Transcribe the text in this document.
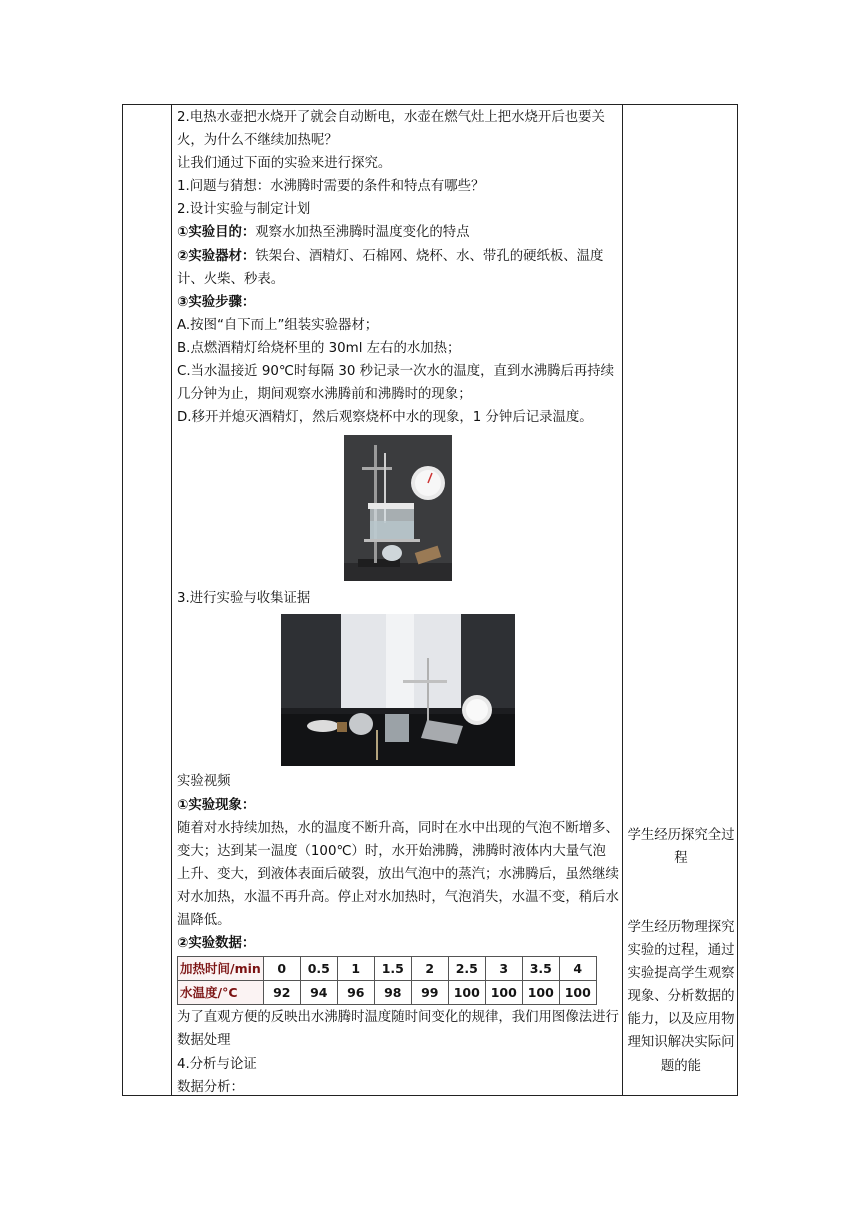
2.电热水壶把水烧开了就会自动断电，水壶在燃气灶上把水烧开后也要关火，为什么不继续加热呢？

让我们通过下面的实验来进行探究。

1.问题与猜想：水沸腾时需要的条件和特点有哪些？

2.设计实验与制定计划

①实验目的：观察水加热至沸腾时温度变化的特点

②实验器材：铁架台、酒精灯、石棉网、烧杯、水、带孔的硬纸板、温度计、火柴、秒表。

③实验步骤：

A.按图“自下而上”组装实验器材；

B.点燃酒精灯给烧杯里的 30ml 左右的水加热；

C.当水温接近 90℃时每隔 30 秒记录一次水的温度，直到水沸腾后再持续几分钟为止，期间观察水沸腾前和沸腾时的现象；

D.移开并熄灭酒精灯，然后观察烧杯中水的现象，1 分钟后记录温度。

3.进行实验与收集证据

实验视频

①实验现象：

随着对水持续加热，水的温度不断升高，同时在水中出现的气泡不断增多、变大；达到某一温度（100℃）时，水开始沸腾，沸腾时液体内大量气泡上升、变大，到液体表面后破裂，放出气泡中的蒸汽；水沸腾后，虽然继续对水加热，水温不再升高。停止对水加热时，气泡消失，水温不变，稍后水温降低。

②实验数据：

加热时间/min	0	0.5	1	1.5	2	2.5	3	3.5	4
水温度/°C	92	94	96	98	99	100	100	100	100

为了直观方便的反映出水沸腾时温度随时间变化的规律，我们用图像法进行数据处理

4.分析与论证

数据分析：

学生经历探究全过程
学生经历物理探究实验的过程，通过实验提高学生观察现象、分析数据的能力，以及应用物理知识解决实际问题的能
